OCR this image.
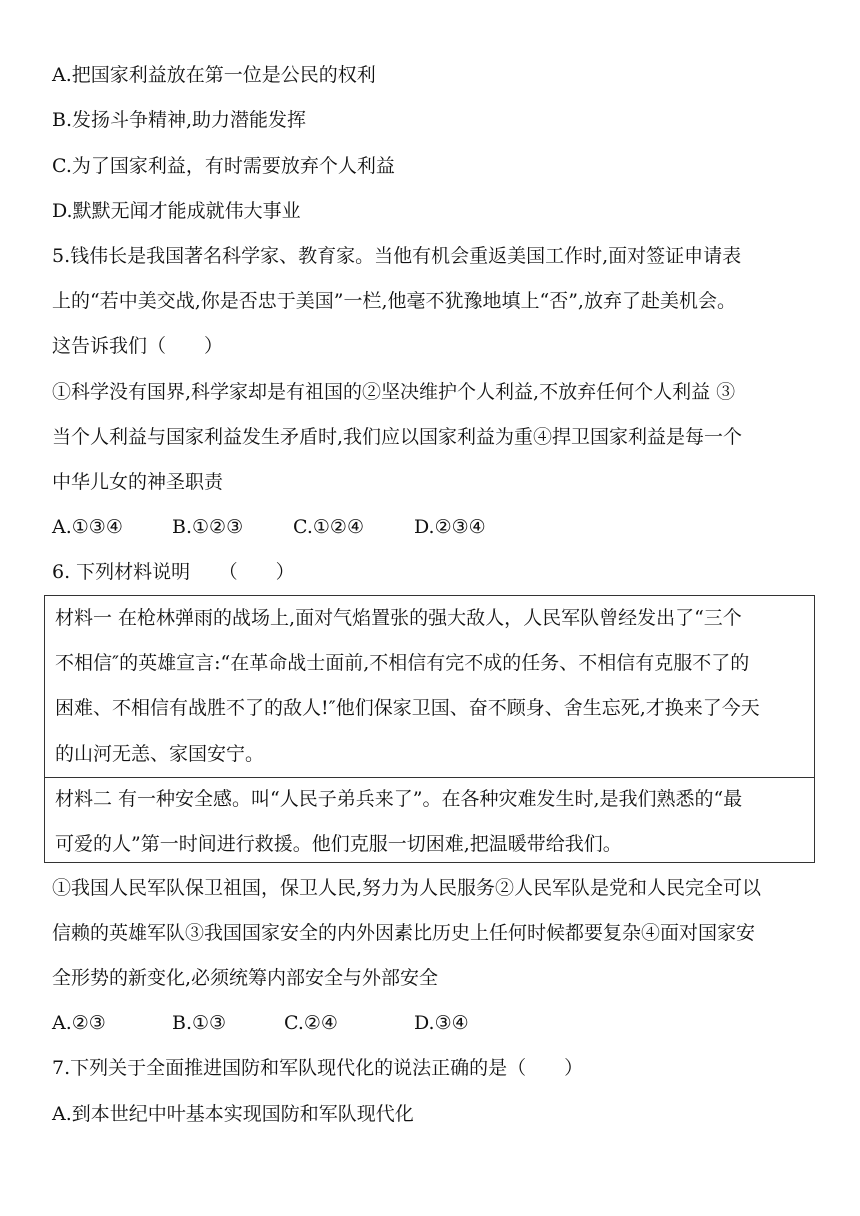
A.把国家利益放在第一位是公民的权利
B.发扬斗争精神,助力潜能发挥
C.为了国家利益，有时需要放弃个人利益
D.默默无闻才能成就伟大事业
5.钱伟长是我国著名科学家、教育家。当他有机会重返美国工作时,面对签证申请表
上的“若中美交战,你是否忠于美国”一栏,他毫不犹豫地填上“否”,放弃了赴美机会。
这告诉我们（　　）
①科学没有国界,科学家却是有祖国的②坚决维护个人利益,不放弃任何个人利益 ③
当个人利益与国家利益发生矛盾时,我们应以国家利益为重④捍卫国家利益是每一个
中华儿女的神圣职责
A.①③④	B.①②③	C.①②④	D.②③④
6. 下列材料说明　　（　　）
材料一 在枪林弹雨的战场上,面对气焰置张的强大敌人，人民军队曾经发出了“三个
不相信″的英雄宣言:“在革命战士面前,不相信有完不成的任务、不相信有克服不了的
困难、不相信有战胜不了的敌人!″他们保家卫国、奋不顾身、舍生忘死,才换来了今天
的山河无恙、家国安宁。
材料二 有一种安全感。叫“人民子弟兵来了”。在各种灾难发生时,是我们熟悉的“最
可爱的人”第一时间进行救援。他们克服一切困难,把温暖带给我们。
①我国人民军队保卫祖国，保卫人民,努力为人民服务②人民军队是党和人民完全可以
信赖的英雄军队③我国国家安全的内外因素比历史上任何时候都要复杂④面对国家安
全形势的新变化,必须统筹内部安全与外部安全
A.②③	B.①③	C.②④	D.③④
7.下列关于全面推进国防和军队现代化的说法正确的是（　　）
A.到本世纪中叶基本实现国防和军队现代化
